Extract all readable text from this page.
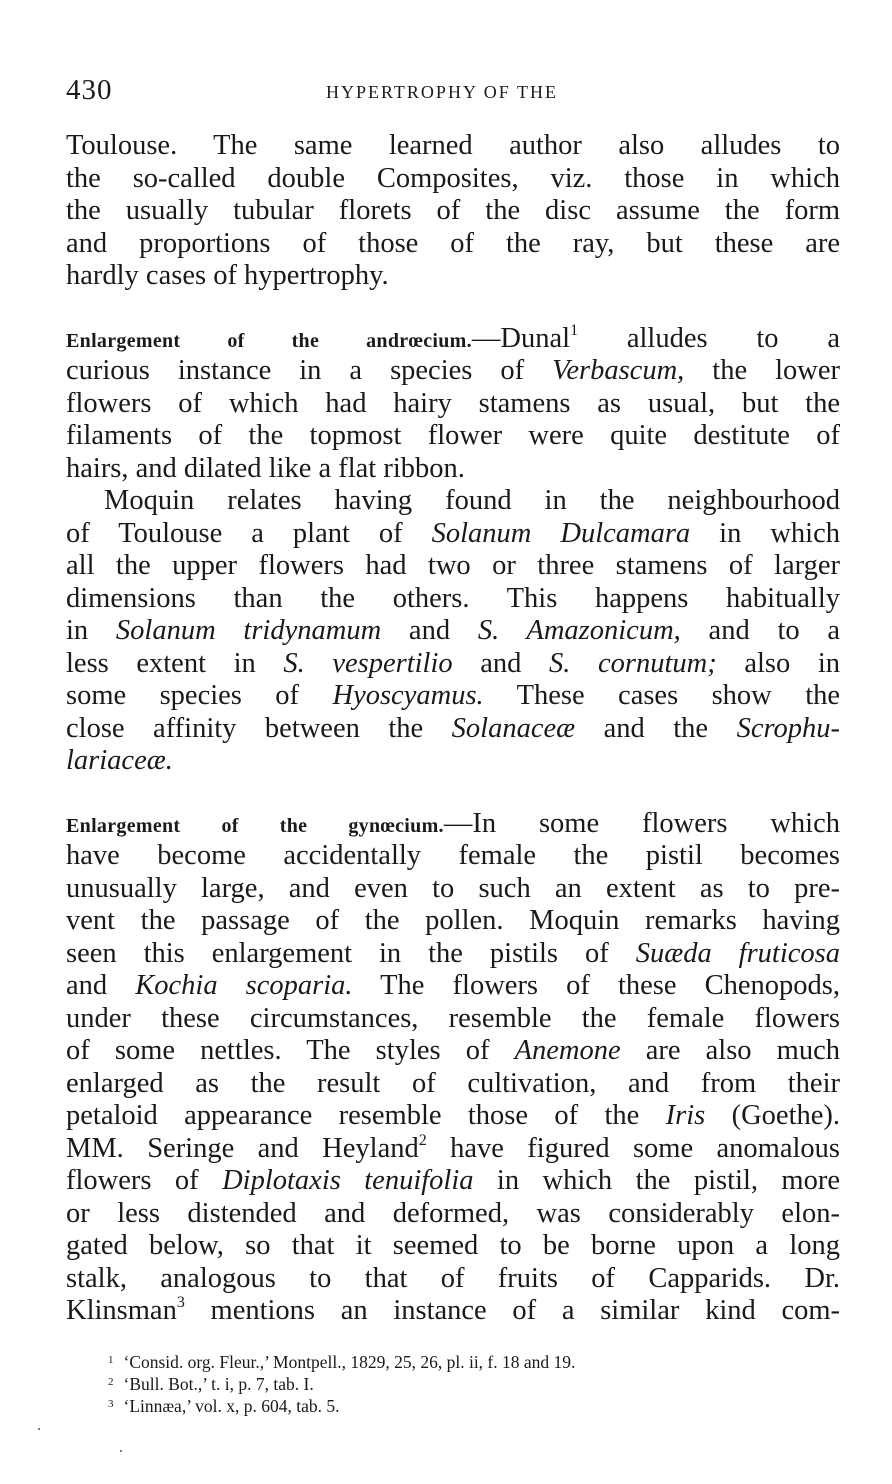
430	HYPERTROPHY OF THE
Toulouse. The same learned author also alludes to
the so-called double Composites, viz. those in which
the usually tubular florets of the disc assume the form
and proportions of those of the ray, but these are
hardly cases of hypertrophy.
Enlargement of the andrœcium.—Dunal$^1$ alludes to a
curious instance in a species of Verbascum, the lower
flowers of which had hairy stamens as usual, but the
filaments of the topmost flower were quite destitute of
hairs, and dilated like a flat ribbon.
Moquin relates having found in the neighbourhood
of Toulouse a plant of Solanum Dulcamara in which
all the upper flowers had two or three stamens of larger
dimensions than the others. This happens habitually
in Solanum tridynamum and S. Amazonicum, and to a
less extent in S. vespertilio and S. cornutum; also in
some species of Hyoscyamus. These cases show the
close affinity between the Solanaceæ and the Scrophu-
lariaceæ.
Enlargement of the gynœcium.—In some flowers which
have become accidentally female the pistil becomes
unusually large, and even to such an extent as to pre-
vent the passage of the pollen. Moquin remarks having
seen this enlargement in the pistils of Suæda fruticosa
and Kochia scoparia. The flowers of these Chenopods,
under these circumstances, resemble the female flowers
of some nettles. The styles of Anemone are also much
enlarged as the result of cultivation, and from their
petaloid appearance resemble those of the Iris (Goethe).
MM. Seringe and Heyland$^2$ have figured some anomalous
flowers of Diplotaxis tenuifolia in which the pistil, more
or less distended and deformed, was considerably elon-
gated below, so that it seemed to be borne upon a long
stalk, analogous to that of fruits of Capparids. Dr.
Klinsman$^3$ mentions an instance of a similar kind com-
$^1$ ‘Consid. org. Fleur.,’ Montpell., 1829, 25, 26, pl. ii, f. 18 and 19.
$^2$ ‘Bull. Bot.,’ t. i, p. 7, tab. I.
$^3$ ‘Linnæa,’ vol. x, p. 604, tab. 5.
